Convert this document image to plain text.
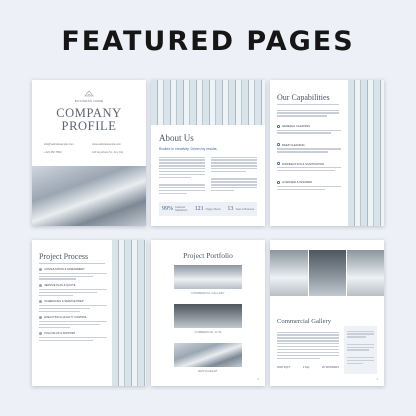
FEATURED PAGES
BUSINESS NAME
COMPANY
PROFILE
info@websitesample.com	www.websitesample.com
+123 456 7890	123 Anywhere St., Any City
About Us
Rooted in creativity. Driven by results.
99% Customer Satisfaction	121 Happy Clients 13 Years in Business
Our Capabilities
GENERAL CLEANING
DEEP CLEANING
DISINFECTION & SANITIZATION
LICENSED & INSURED
Project Process
CONSULTATION & ASSESSMENT
SERVICE PLAN & QUOTE
SCHEDULING & SERVICE PREP
EXECUTION & QUALITY CONTROL
FOLLOW-UP & SUPPORT
Project Portfolio
COMMERCIAL GALLERY
COMMERCIAL GYM
RESTAURANT
8
Commercial Gallery
3000 SQFT	2 Day	20 WORKERS
9
